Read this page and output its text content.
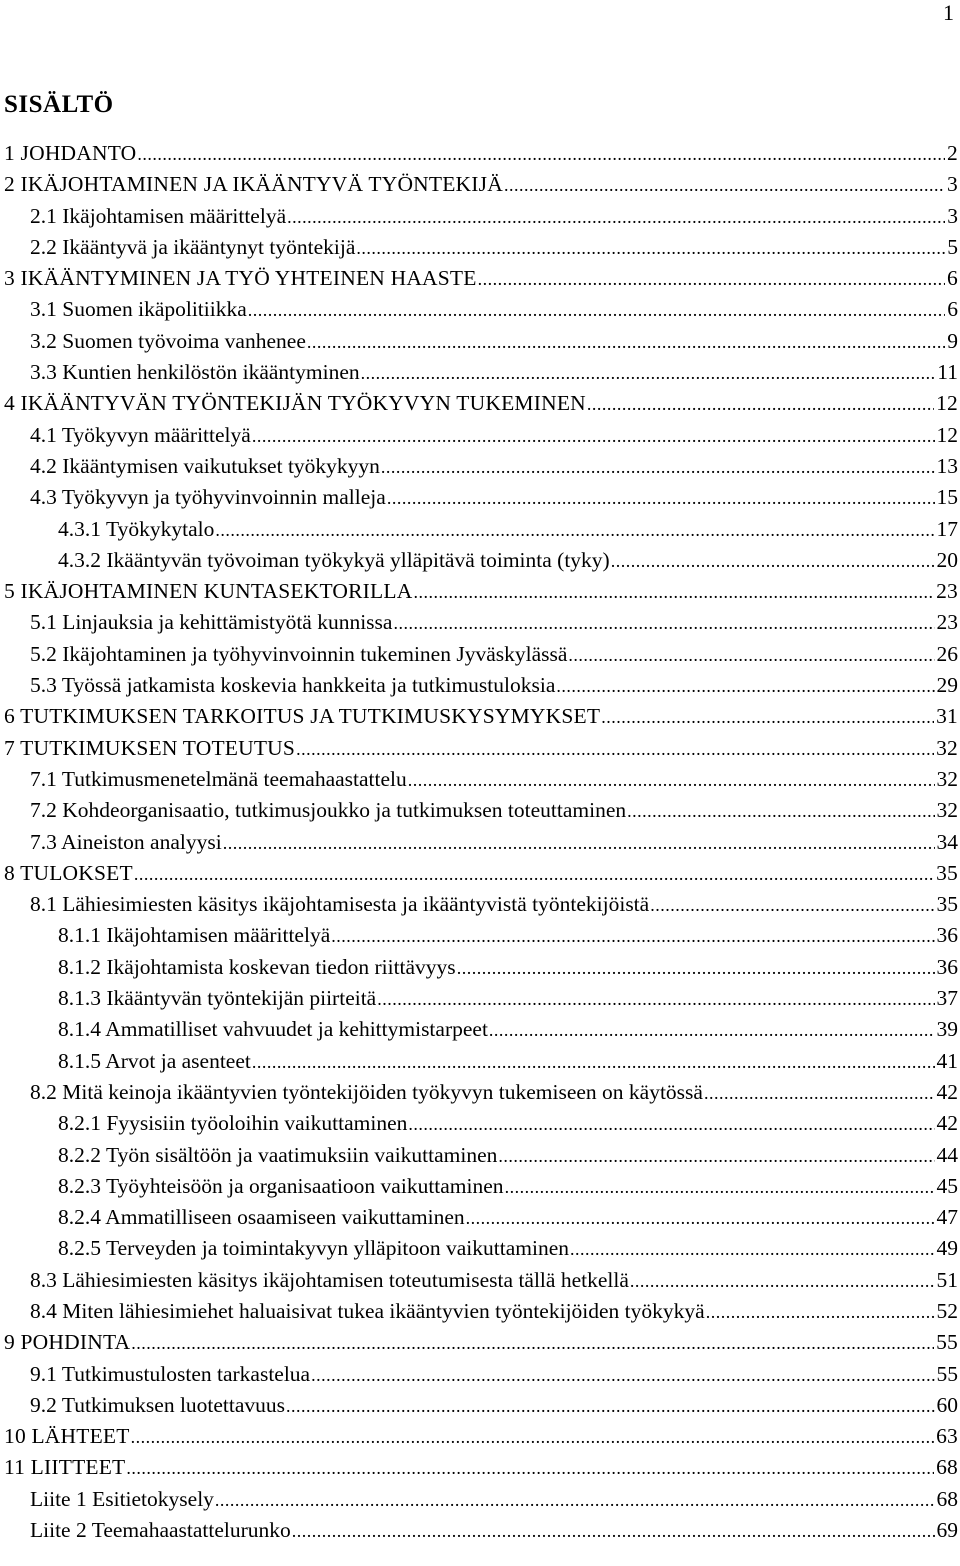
1
SISÄLTÖ
1 JOHDANTO .....	2
2 IKÄJOHTAMINEN JA IKÄÄNTYVÄ TYÖNTEKIJÄ .....	3
2.1 Ikäjohtamisen määrittelyä .....	3
2.2 Ikääntyvä ja ikääntynyt työntekijä .....	5
3 IKÄÄNTYMINEN JA TYÖ YHTEINEN HAASTE .....	6
3.1 Suomen ikäpolitiikka .....	6
3.2 Suomen työvoima vanhenee .....	9
3.3 Kuntien henkilöstön ikääntyminen .....	11
4 IKÄÄNTYVÄN TYÖNTEKIJÄN TYÖKYVYN TUKEMINEN .....	12
4.1 Työkyvyn määrittelyä .....	12
4.2 Ikääntymisen vaikutukset työkykyyn .....	13
4.3 Työkyvyn ja työhyvinvoinnin malleja .....	15
4.3.1 Työkykytalo .....	17
4.3.2 Ikääntyvän työvoiman työkykyä ylläpitävä toiminta (tyky) .....	20
5 IKÄJOHTAMINEN KUNTASEKTORILLA .....	23
5.1 Linjauksia ja kehittämistyötä kunnissa .....	23
5.2 Ikäjohtaminen ja työhyvinvoinnin tukeminen Jyväskylässä .....	26
5.3 Työssä jatkamista koskevia hankkeita ja tutkimustuloksia .....	29
6 TUTKIMUKSEN TARKOITUS JA TUTKIMUSKYSYMYKSET .....	31
7 TUTKIMUKSEN TOTEUTUS .....	32
7.1 Tutkimusmenetelmänä teemahaastattelu .....	32
7.2 Kohdeorganisaatio, tutkimusjoukko ja tutkimuksen toteuttaminen .....	32
7.3 Aineiston analyysi .....	34
8 TULOKSET .....	35
8.1 Lähiesimiesten käsitys ikäjohtamisesta ja ikääntyvistä työntekijöistä .....	35
8.1.1 Ikäjohtamisen määrittelyä .....	36
8.1.2 Ikäjohtamista koskevan tiedon riittävyys .....	36
8.1.3 Ikääntyvän työntekijän piirteitä .....	37
8.1.4 Ammatilliset vahvuudet ja kehittymistarpeet .....	39
8.1.5 Arvot ja asenteet .....	41
8.2 Mitä keinoja ikääntyvien työntekijöiden työkyvyn tukemiseen on käytössä .....	42
8.2.1 Fyysisiin työoloihin vaikuttaminen .....	42
8.2.2 Työn sisältöön ja vaatimuksiin vaikuttaminen .....	44
8.2.3 Työyhteisöön ja organisaatioon vaikuttaminen .....	45
8.2.4 Ammatilliseen osaamiseen vaikuttaminen .....	47
8.2.5 Terveyden ja toimintakyvyn ylläpitoon vaikuttaminen .....	49
8.3 Lähiesimiesten käsitys ikäjohtamisen toteutumisesta tällä hetkellä .....	51
8.4 Miten lähiesimiehet haluaisivat tukea ikääntyvien työntekijöiden työkykyä .....	52
9 POHDINTA .....	55
9.1 Tutkimustulosten tarkastelua .....	55
9.2 Tutkimuksen luotettavuus .....	60
10 LÄHTEET .....	63
11 LIITTEET .....	68
Liite 1 Esitietokysely .....	68
Liite 2 Teemahaastattelurunko .....	69
